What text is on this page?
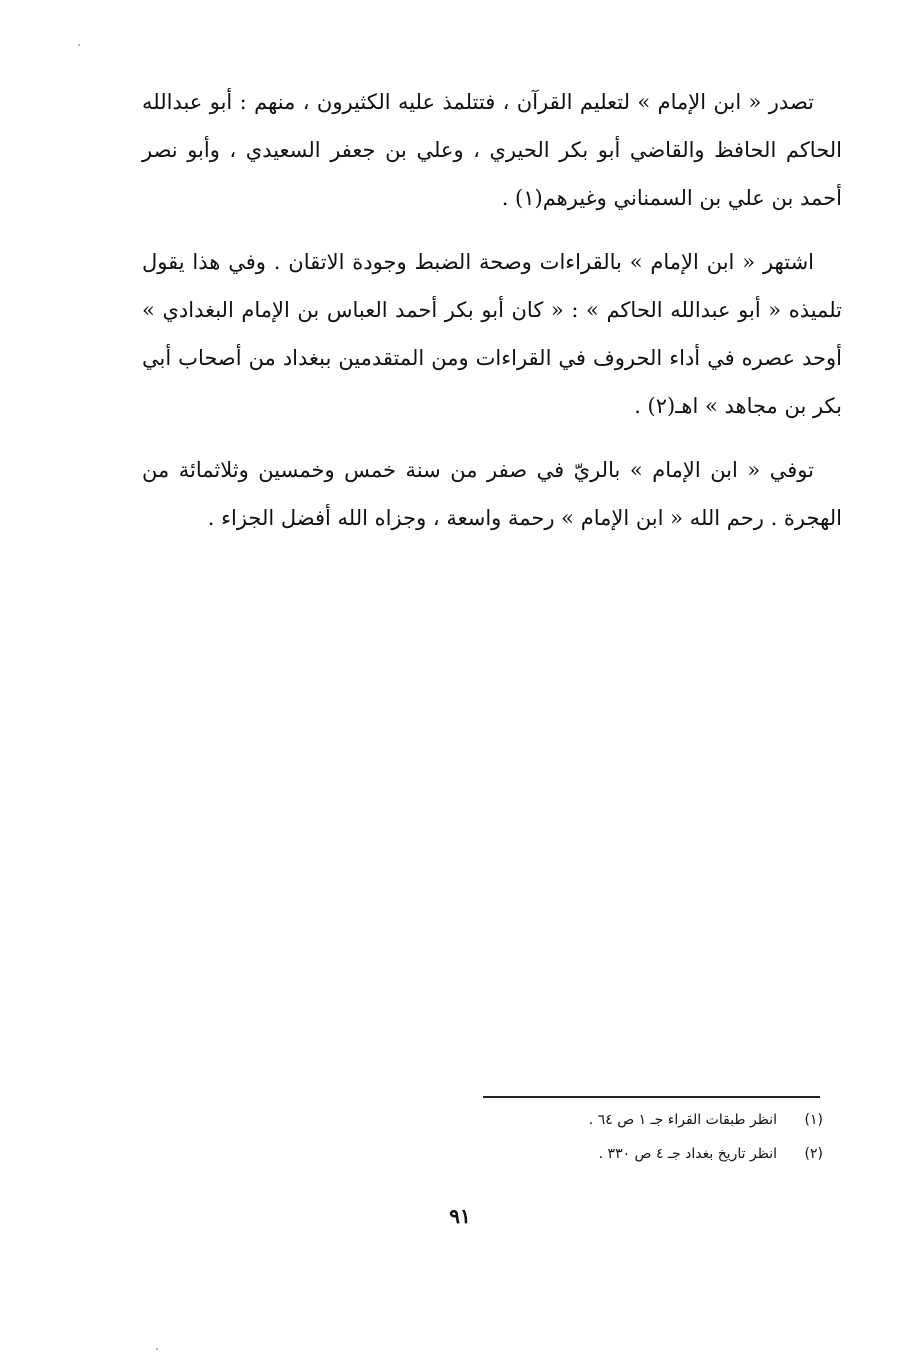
تصدر « ابن الإمام » لتعليم القرآن ، فتتلمذ عليه الكثيرون ، منهم : أبو عبدالله الحاكم الحافظ والقاضي أبو بكر الحيري ، وعلي بن جعفر السعيدي ، وأبو نصر أحمد بن علي بن السمناني وغيرهم(١) .

اشتهر « ابن الإمام » بالقراءات وصحة الضبط وجودة الاتقان . وفي هذا يقول تلميذه « أبو عبدالله الحاكم » : « كان أبو بكر أحمد العباس بن الإمام البغدادي » أوحد عصره في أداء الحروف في القراءات ومن المتقدمين ببغداد من أصحاب أبي بكر بن مجاهد » اهـ(٢) .

توفي « ابن الإمام » بالريّ في صفر من سنة خمس وخمسين وثلاثمائة من الهجرة . رحم الله « ابن الإمام » رحمة واسعة ، وجزاه الله أفضل الجزاء .

(١)
انظر طبقات القراء جـ ١ ص ٦٤ .
(٢)
انظر تاريخ بغداد جـ ٤ ص ٣٣٠ .
٩١
